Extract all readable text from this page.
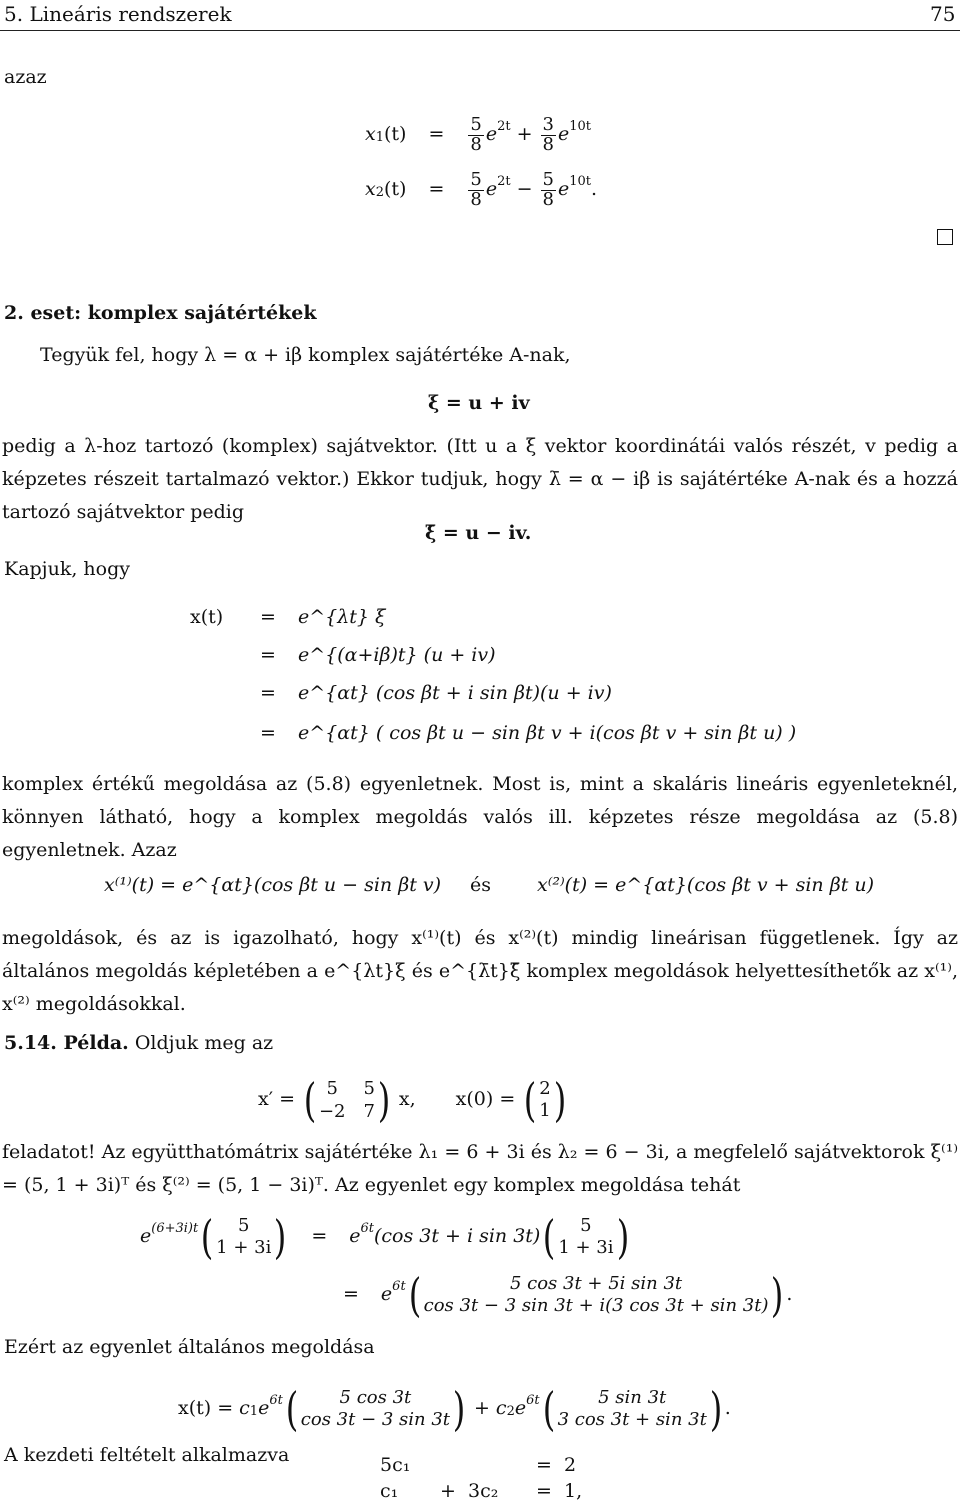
5. Lineáris rendszerek	75
azaz
x 1 $(t) = \frac{5}{8}$ e $2t + \frac{3}{8}$ e 10t
x 2 $(t) = \frac{5}{8}$ e $2t - \frac{5}{8}$ e 10t .
2. eset: komplex sajátértékek
Tegyük fel, hogy λ = α + iβ komplex sajátértéke A-nak,
ξ = u + iv
pedig a λ-hoz tartozó (komplex) sajátvektor. (Itt u a ξ vektor koordinátái valós részét, v pedig a képzetes részeit tartalmazó vektor.) Ekkor tudjuk, hogy λ̄ = α − iβ is sajátértéke A-nak és a hozzá tartozó sajátvektor pedig
ξ̄ = u − iv.
Kapjuk, hogy
x(t) = e^{λt} ξ
= e^{(α+iβ)t} (u + iv)
= e^{αt} (cos βt + i sin βt)(u + iv)
= e^{αt} ( cos βt u − sin βt v + i(cos βt v + sin βt u) )
komplex értékű megoldása az (5.8) egyenletnek. Most is, mint a skaláris lineáris egyenleteknél, könnyen látható, hogy a komplex megoldás valós ill. képzetes része megoldása az (5.8) egyenletnek. Azaz
x⁽¹⁾(t) = e^{αt}(cos βt u − sin βt v) és x⁽²⁾(t) = e^{αt}(cos βt v + sin βt u)
megoldások, és az is igazolható, hogy x⁽¹⁾(t) és x⁽²⁾(t) mindig lineárisan függetlenek. Így az általános megoldás képletében a e^{λt}ξ és e^{λ̄t}ξ̄ komplex megoldások helyettesíthetők az x⁽¹⁾, x⁽²⁾ megoldásokkal.
5.14. Példa. Oldjuk meg az
x′ = ( 5	5
−2 7 ) x, x(0) = ( 2
1 )
feladatot! Az együtthatómátrix sajátértéke λ₁ = 6 + 3i és λ₂ = 6 − 3i, a megfelelő sajátvektorok ξ⁽¹⁾ = (5, 1 + 3i)ᵀ és ξ⁽²⁾ = (5, 1 − 3i)ᵀ. Az egyenlet egy komplex megoldása tehát
e (6+3i)t ( 5
1 + 3i ) = e 6t (cos 3t + i sin 3t) ( 5
1 + 3i )
= e 6t (	5 cos 3t + 5i sin 3t
cos 3t − 3 sin 3t + i(3 cos 3t + sin 3t) ) .
Ezért az egyenlet általános megoldása
x(t) = c 1 e 6t ( 5 cos 3t
cos 3t − 3 sin 3t ) + c 2 e 6t ( 5 sin 3t
3 cos 3t + sin 3t ) .
A kezdeti feltételt alkalmazva	5c₁	= 2
c₁	+ 3c₂	= 1,
